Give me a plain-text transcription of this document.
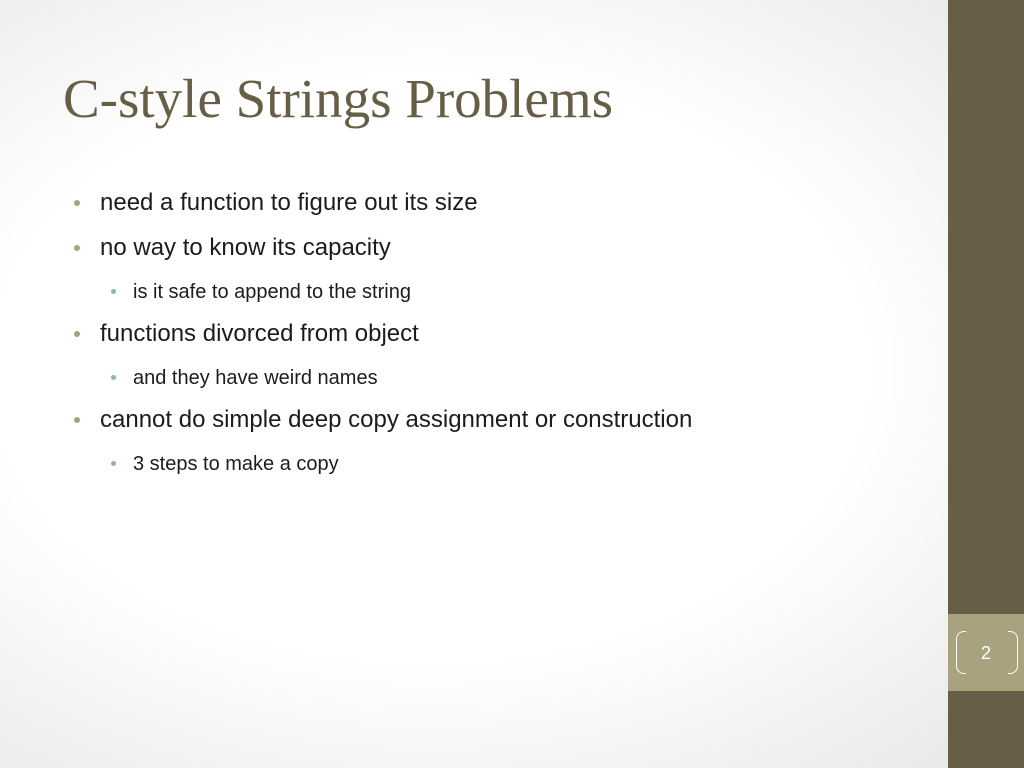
C-style Strings Problems
need a function to figure out its size
no way to know its capacity
is it safe to append to the string
functions divorced from object
and they have weird names
cannot do simple deep copy assignment or construction
3 steps to make a copy
2
